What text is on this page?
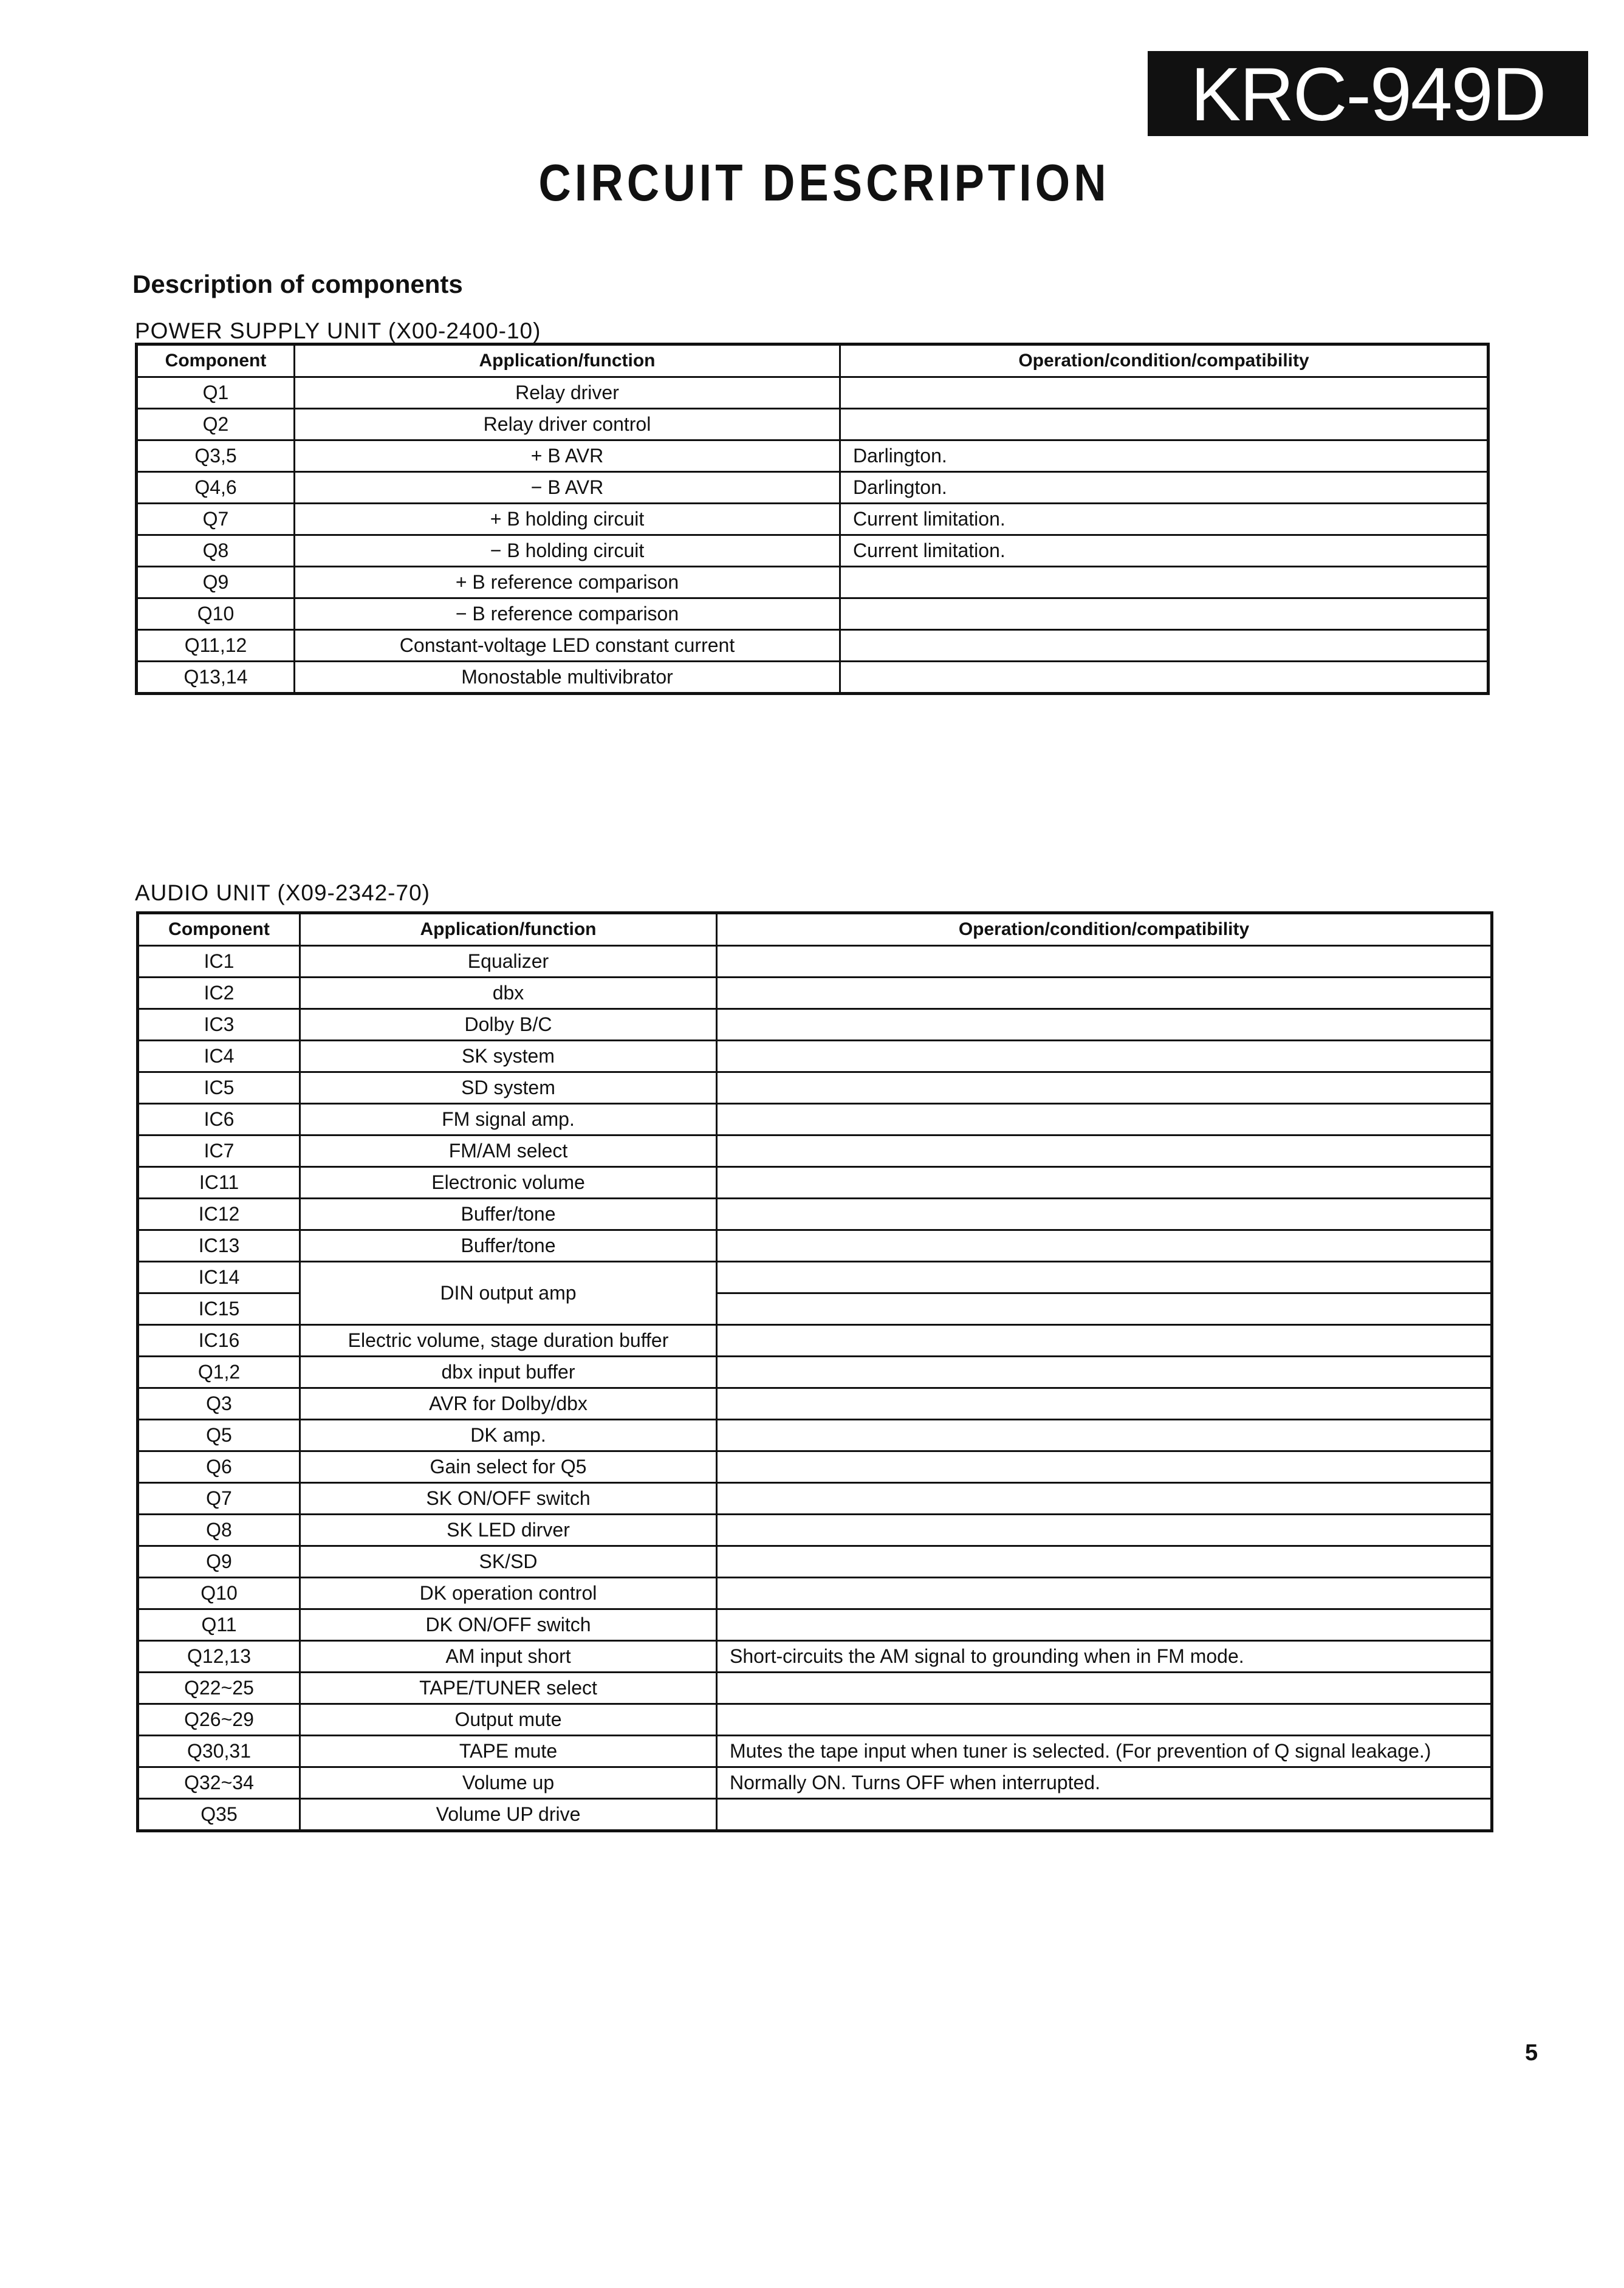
KRC-949D
CIRCUIT DESCRIPTION
Description of components
POWER SUPPLY UNIT (X00-2400-10)
Component	Application/function	Operation/condition/compatibility
Q1	Relay driver	
Q2	Relay driver control	
Q3,5	+ B AVR	Darlington.
Q4,6	− B AVR	Darlington.
Q7	+ B holding circuit	Current limitation.
Q8	− B holding circuit	Current limitation.
Q9	+ B reference comparison	
Q10	− B reference comparison	
Q11,12	Constant-voltage LED constant current	
Q13,14	Monostable multivibrator	
AUDIO UNIT (X09-2342-70)
Component	Application/function	Operation/condition/compatibility
IC1	Equalizer	
IC2	dbx	
IC3	Dolby B/C	
IC4	SK system	
IC5	SD system	
IC6	FM signal amp.	
IC7	FM/AM select	
IC11	Electronic volume	
IC12	Buffer/tone	
IC13	Buffer/tone	
IC14	DIN output amp	
IC15		
IC16	Electric volume, stage duration buffer	
Q1,2	dbx input buffer	
Q3	AVR for Dolby/dbx	
Q5	DK amp.	
Q6	Gain select for Q5	
Q7	SK ON/OFF switch	
Q8	SK LED dirver	
Q9	SK/SD	
Q10	DK operation control	
Q11	DK ON/OFF switch	
Q12,13	AM input short	Short-circuits the AM signal to grounding when in FM mode.
Q22~25	TAPE/TUNER select	
Q26~29	Output mute	
Q30,31	TAPE mute	Mutes the tape input when tuner is selected. (For prevention of Q signal leakage.)
Q32~34	Volume up	Normally ON. Turns OFF when interrupted.
Q35	Volume UP drive	
5
